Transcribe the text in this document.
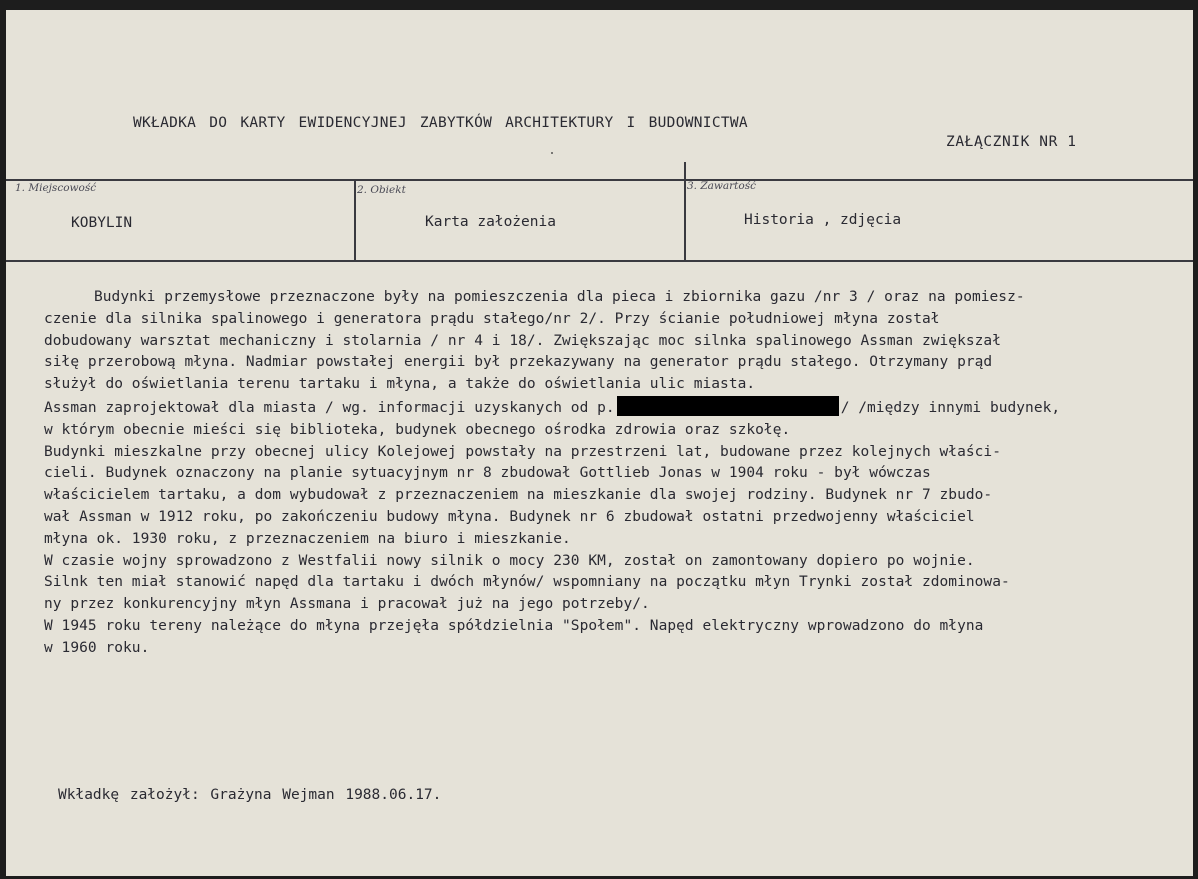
WKŁADKA DO KARTY EWIDENCYJNEJ ZABYTKÓW ARCHITEKTURY I BUDOWNICTWA
ZAŁĄCZNIK NR 1
1. Miejscowość
KOBYLIN
2. Obiekt
Karta założenia
3. Zawartość
Historia , zdjęcia
Budynki przemysłowe przeznaczone były na pomieszczenia dla pieca i zbiornika gazu /nr 3 / oraz na pomiesz-
czenie dla silnika spalinowego i generatora prądu stałego/nr 2/. Przy ścianie południowej młyna został
dobudowany warsztat mechaniczny i stolarnia / nr 4 i 18/. Zwiększając moc silnka spalinowego Assman zwiększał
siłę przerobową młyna. Nadmiar powstałej energii był przekazywany na generator prądu stałego. Otrzymany prąd
służył do oświetlania terenu tartaku i młyna, a także do oświetlania ulic miasta.
Assman zaprojektował dla miasta / wg. informacji uzyskanych od p.	/ /między innymi budynek,
w którym obecnie mieści się biblioteka, budynek obecnego ośrodka zdrowia oraz szkołę.
Budynki mieszkalne przy obecnej ulicy Kolejowej powstały na przestrzeni lat, budowane przez kolejnych właści-
cieli. Budynek oznaczony na planie sytuacyjnym nr 8 zbudował Gottlieb Jonas w 1904 roku - był wówczas
właścicielem tartaku, a dom wybudował z przeznaczeniem na mieszkanie dla swojej rodziny. Budynek nr 7 zbudo-
wał Assman w 1912 roku, po zakończeniu budowy młyna. Budynek nr 6 zbudował ostatni przedwojenny właściciel
młyna ok. 1930 roku, z przeznaczeniem na biuro i mieszkanie.
W czasie wojny sprowadzono z Westfalii nowy silnik o mocy 230 KM, został on zamontowany dopiero po wojnie.
Silnk ten miał stanowić napęd dla tartaku i dwóch młynów/ wspomniany na początku młyn Trynki został zdominowa-
ny przez konkurencyjny młyn Assmana i pracował już na jego potrzeby/.
W 1945 roku tereny należące do młyna przejęła spółdzielnia "Społem". Napęd elektryczny wprowadzono do młyna
w 1960 roku.
Wkładkę założył: Grażyna Wejman 1988.06.17.
